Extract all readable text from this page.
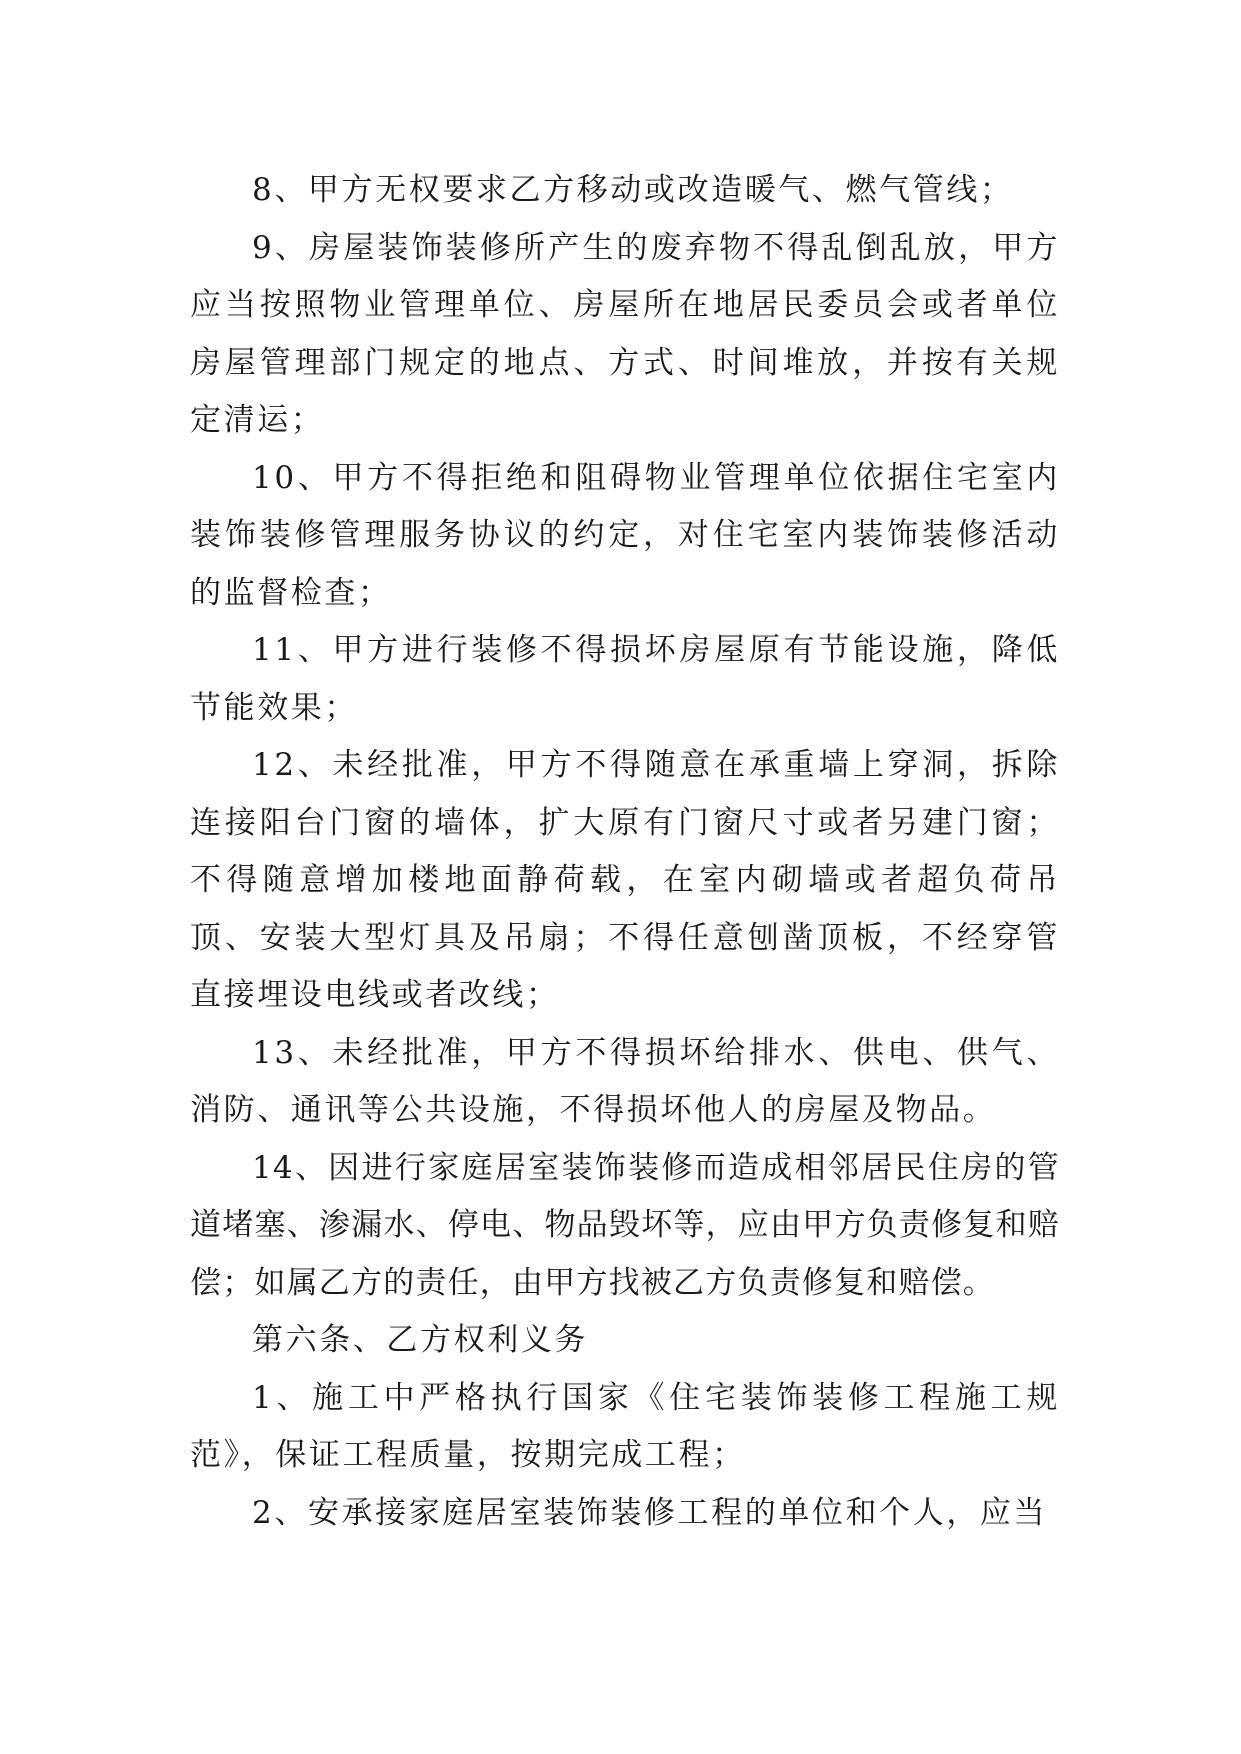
8、甲方无权要求乙方移动或改造暖气、燃气管线；

9、房屋装饰装修所产生的废弃物不得乱倒乱放，甲方应当按照物业管理单位、房屋所在地居民委员会或者单位房屋管理部门规定的地点、方式、时间堆放，并按有关规定清运；

10、甲方不得拒绝和阻碍物业管理单位依据住宅室内装饰装修管理服务协议的约定，对住宅室内装饰装修活动的监督检查；

11、甲方进行装修不得损坏房屋原有节能设施，降低节能效果；

12、未经批准，甲方不得随意在承重墙上穿洞，拆除连接阳台门窗的墙体，扩大原有门窗尺寸或者另建门窗；不得随意增加楼地面静荷载，在室内砌墙或者超负荷吊顶、安装大型灯具及吊扇；不得任意刨凿顶板，不经穿管直接埋设电线或者改线；

13、未经批准，甲方不得损坏给排水、供电、供气、消防、通讯等公共设施，不得损坏他人的房屋及物品。

14、因进行家庭居室装饰装修而造成相邻居民住房的管道堵塞、渗漏水、停电、物品毁坏等，应由甲方负责修复和赔偿；如属乙方的责任，由甲方找被乙方负责修复和赔偿。

第六条、乙方权利义务

1、施工中严格执行国家《住宅装饰装修工程施工规范》，保证工程质量，按期完成工程；

2、安承接家庭居室装饰装修工程的单位和个人，应当
